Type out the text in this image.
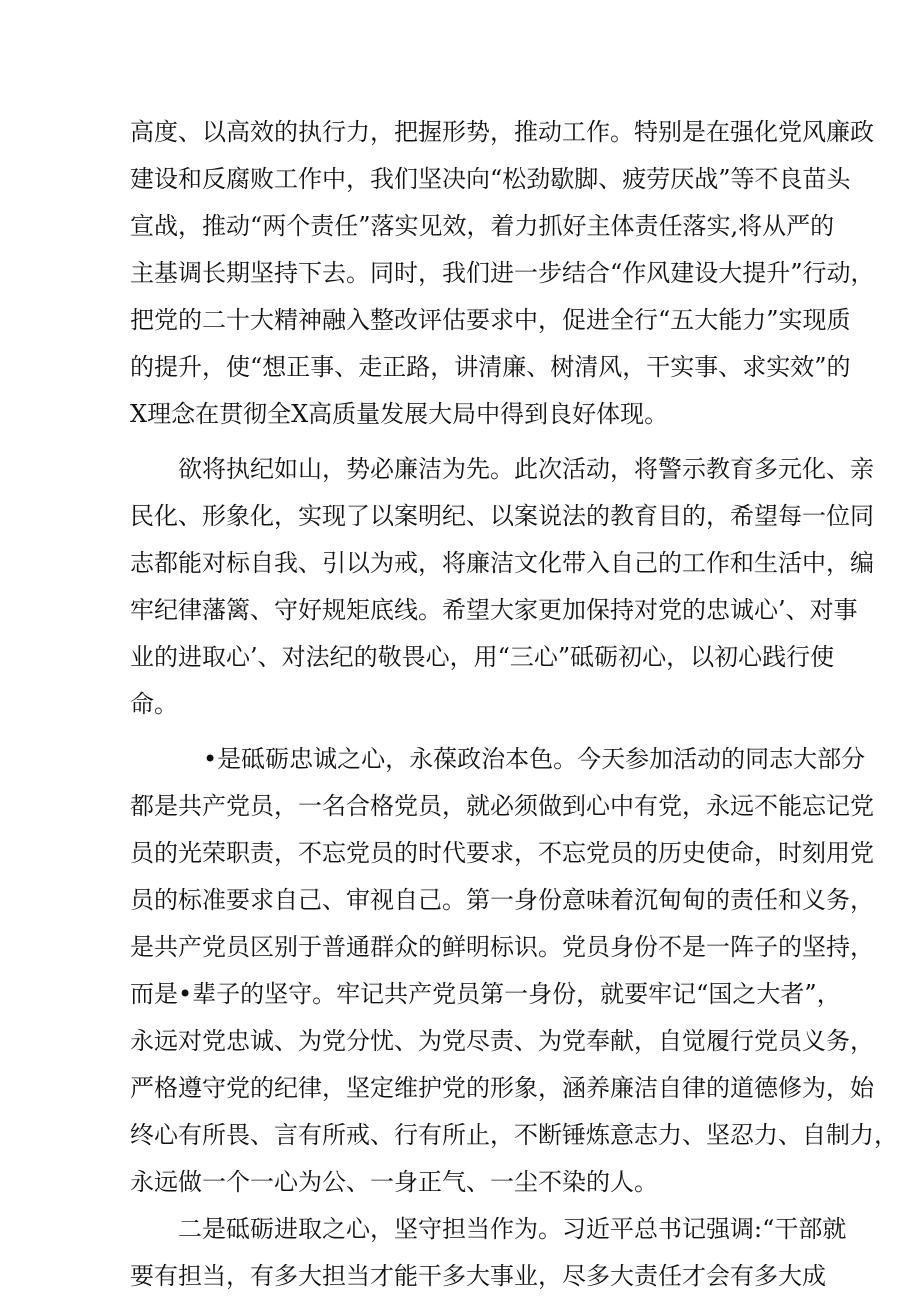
高度、以高效的执行力，把握形势，推动工作。特别是在强化党风廉政
建设和反腐败工作中，我们坚决向“松劲歇脚、疲劳厌战”等不良苗头
宣战，推动“两个责任”落实见效，着力抓好主体责任落实,将从严的
主基调长期坚持下去。同时，我们进一步结合“作风建设大提升”行动，
把党的二十大精神融入整改评估要求中，促进全行“五大能力”实现质
的提升，使“想正事、走正路，讲清廉、树清风，干实事、求实效”的
X理念在贯彻全X高质量发展大局中得到良好体现。
欲将执纪如山，势必廉洁为先。此次活动，将警示教育多元化、亲
民化、形象化，实现了以案明纪、以案说法的教育目的，希望每一位同
志都能对标自我、引以为戒，将廉洁文化带入自己的工作和生活中，编
牢纪律藩篱、守好规矩底线。希望大家更加保持对党的忠诚心’、对事
业的进取心’、对法纪的敬畏心，用“三心”砥砺初心，以初心践行使
命。
•是砥砺忠诚之心，永葆政治本色。今天参加活动的同志大部分
都是共产党员，一名合格党员，就必须做到心中有党，永远不能忘记党
员的光荣职责，不忘党员的时代要求，不忘党员的历史使命，时刻用党
员的标准要求自己、审视自己。第一身份意味着沉甸甸的责任和义务，
是共产党员区别于普通群众的鲜明标识。党员身份不是一阵子的坚持，
而是•辈子的坚守。牢记共产党员第一身份，就要牢记“国之大者”，
永远对党忠诚、为党分忧、为党尽责、为党奉献，自觉履行党员义务，
严格遵守党的纪律，坚定维护党的形象，涵养廉洁自律的道德修为，始
终心有所畏、言有所戒、行有所止，不断锤炼意志力、坚忍力、自制力，
永远做一个一心为公、一身正气、一尘不染的人。
二是砥砺进取之心，坚守担当作为。习近平总书记强调:“干部就
要有担当，有多大担当才能干多大事业，尽多大责任才会有多大成
